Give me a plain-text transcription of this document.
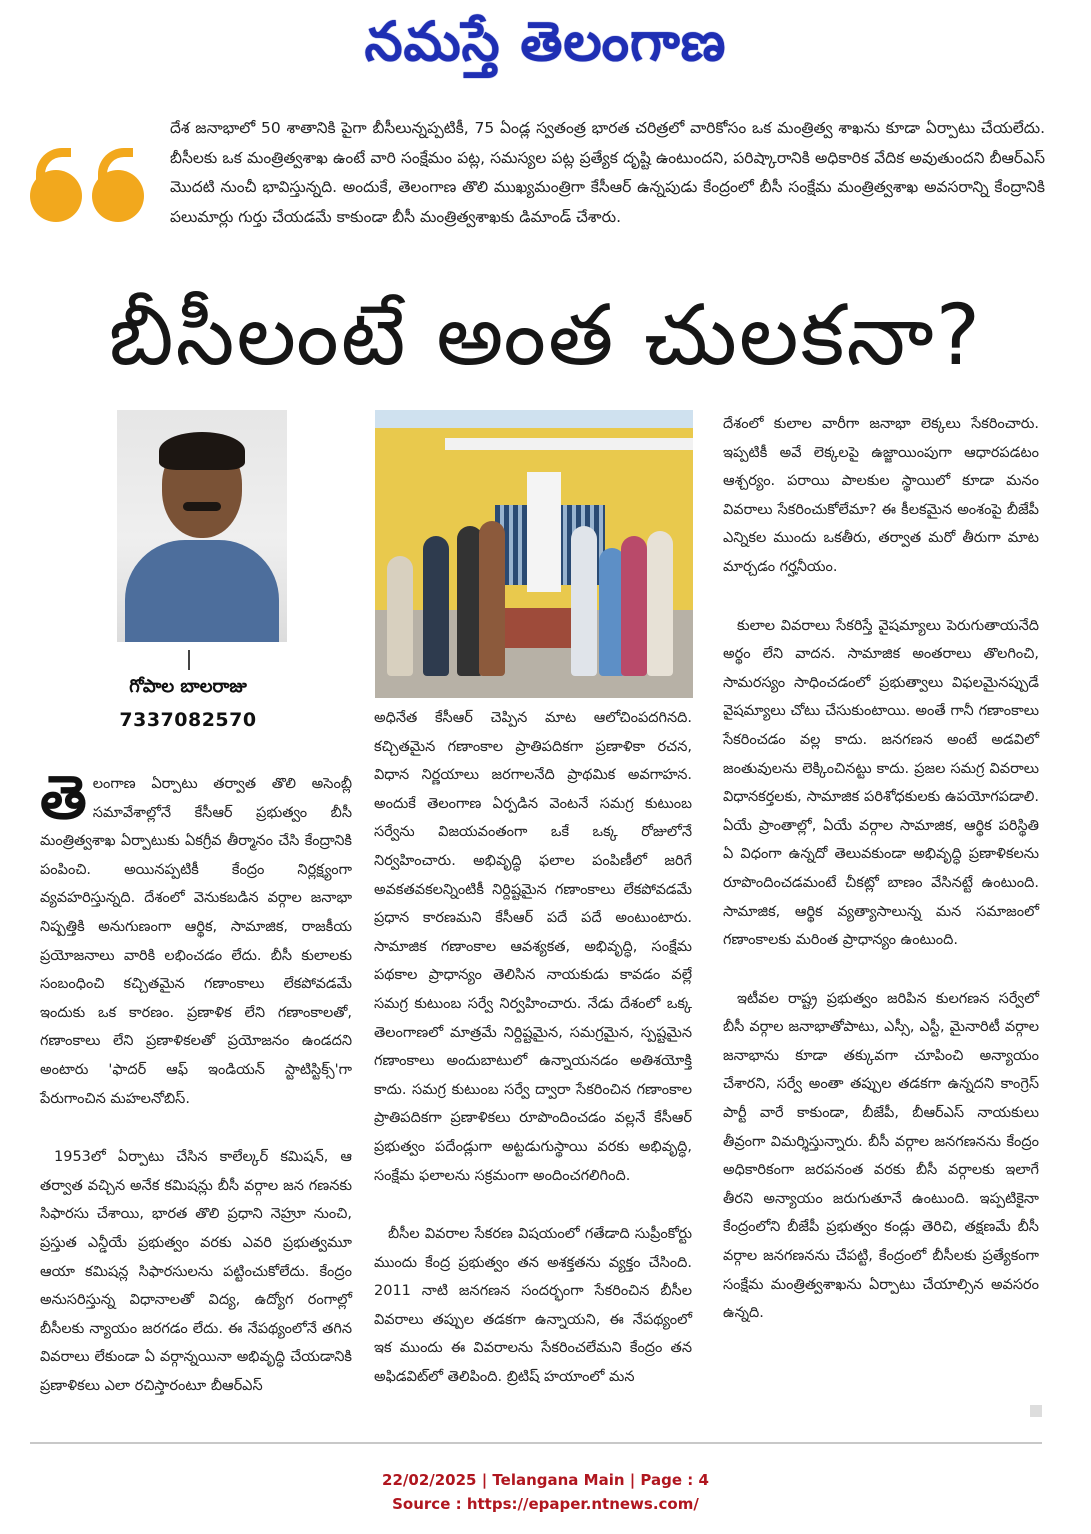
నమస్తే తెలంగాణ
దేశ జనాభాలో 50 శాతానికి పైగా బీసీలున్నప్పటికీ, 75 ఏండ్ల స్వతంత్ర భారత చరిత్రలో వారికోసం ఒక మంత్రిత్వ శాఖను కూడా ఏర్పాటు చేయలేదు. బీసీలకు ఒక మంత్రిత్వశాఖ ఉంటే వారి సంక్షేమం పట్ల, సమస్యల పట్ల ప్రత్యేక దృష్టి ఉంటుందని, పరిష్కారానికి అధికారిక వేదిక అవుతుందని బీఆర్ఎస్ మొదటి నుంచీ భావిస్తున్నది. అందుకే, తెలంగాణ తొలి ముఖ్యమంత్రిగా కేసీఆర్ ఉన్నపుడు కేంద్రంలో బీసీ సంక్షేమ మంత్రిత్వశాఖ అవసరాన్ని కేంద్రానికి పలుమార్లు గుర్తు చేయడమే కాకుండా బీసీ మంత్రిత్వశాఖకు డిమాండ్ చేశారు.
బీసీలంటే అంత చులకనా?
గోపాల బాలరాజు
7337082570
తె లంగాణ ఏర్పాటు తర్వాత తొలి అసెంబ్లీ సమావేశాల్లోనే కేసీఆర్ ప్రభుత్వం బీసీ మంత్రిత్వశాఖ ఏర్పాటుకు ఏకగ్రీవ తీర్మానం చేసి కేంద్రానికి పంపించి. అయినప్పటికీ కేంద్రం నిర్లక్ష్యంగా వ్యవహరిస్తున్నది. దేశంలో వెనుకబడిన వర్గాల జనాభా నిష్పత్తికి అనుగుణంగా ఆర్థిక, సామాజిక, రాజకీయ ప్రయోజనాలు వారికి లభించడం లేదు. బీసీ కులాలకు సంబంధించి కచ్చితమైన గణాంకాలు లేకపోవడమే ఇందుకు ఒక కారణం. ప్రణాళిక లేని గణాంకాలతో, గణాంకాలు లేని ప్రణాళికలతో ప్రయోజనం ఉండదని అంటారు 'ఫాదర్ ఆఫ్ ఇండియన్ స్టాటిస్టిక్స్'గా పేరుగాంచిన మహలనోబిస్.

1953లో ఏర్పాటు చేసిన కాలేల్కర్ కమిషన్, ఆ తర్వాత వచ్చిన అనేక కమిషన్లు బీసీ వర్గాల జన గణనకు సిఫారసు చేశాయి, భారత తొలి ప్రధాని నెహ్రూ నుంచి, ప్రస్తుత ఎన్డీయే ప్రభుత్వం వరకు ఎవరి ప్రభుత్వమూ ఆయా కమిషన్ల సిఫారసులను పట్టించుకోలేదు. కేంద్రం అనుసరిస్తున్న విధానాలతో విద్య, ఉద్యోగ రంగాల్లో బీసీలకు న్యాయం జరగడం లేదు. ఈ నేపథ్యంలోనే తగిన వివరాలు లేకుండా ఏ వర్గాన్నయినా అభివృద్ధి చేయడానికి ప్రణాళికలు ఎలా రచిస్తారంటూ బీఆర్ఎస్

అధినేత కేసీఆర్ చెప్పిన మాట ఆలోచింపదగినది. కచ్చితమైన గణాంకాల ప్రాతిపదికగా ప్రణాళికా రచన, విధాన నిర్ణయాలు జరగాలనేది ప్రాథమిక అవగాహన. అందుకే తెలంగాణ ఏర్పడిన వెంటనే సమగ్ర కుటుంబ సర్వేను విజయవంతంగా ఒకే ఒక్క రోజులోనే నిర్వహించారు. అభివృద్ధి ఫలాల పంపిణీలో జరిగే అవకతవకలన్నింటికీ నిర్దిష్టమైన గణాంకాలు లేకపోవడమే ప్రధాన కారణమని కేసీఆర్ పదే పదే అంటుంటారు. సామాజిక గణాంకాల ఆవశ్యకత, అభివృద్ధి, సంక్షేమ పథకాల ప్రాధాన్యం తెలిసిన నాయకుడు కావడం వల్లే సమగ్ర కుటుంబ సర్వే నిర్వహించారు. నేడు దేశంలో ఒక్క తెలంగాణలో మాత్రమే నిర్దిష్టమైన, సమగ్రమైన, స్పష్టమైన గణాంకాలు అందుబాటులో ఉన్నాయనడం అతిశయోక్తి కాదు. సమగ్ర కుటుంబ సర్వే ద్వారా సేకరించిన గణాంకాల ప్రాతిపదికగా ప్రణాళికలు రూపొందించడం వల్లనే కేసీఆర్ ప్రభుత్వం పదేండ్లుగా అట్టడుగుస్థాయి వరకు అభివృద్ధి, సంక్షేమ ఫలాలను సక్రమంగా అందించగలిగింది.

బీసీల వివరాల సేకరణ విషయంలో గతేడాది సుప్రీంకోర్టు ముందు కేంద్ర ప్రభుత్వం తన అశక్తతను వ్యక్తం చేసింది. 2011 నాటి జనగణన సందర్భంగా సేకరించిన బీసీల వివరాలు తప్పుల తడకగా ఉన్నాయని, ఈ నేపథ్యంలో ఇక ముందు ఈ వివరాలను సేకరించలేమని కేంద్రం తన అఫిడవిట్‌లో తెలిపింది. బ్రిటిష్ హయాంలో మన

దేశంలో కులాల వారీగా జనాభా లెక్కలు సేకరించారు. ఇప్పటికీ అవే లెక్కలపై ఉజ్జాయింపుగా ఆధారపడటం ఆశ్చర్యం. పరాయి పాలకుల స్థాయిలో కూడా మనం వివరాలు సేకరించుకోలేమా? ఈ కీలకమైన అంశంపై బీజేపీ ఎన్నికల ముందు ఒకతీరు, తర్వాత మరో తీరుగా మాట మార్చడం గర్హనీయం.

కులాల వివరాలు సేకరిస్తే వైషమ్యాలు పెరుగుతాయనేది అర్థం లేని వాదన. సామాజిక అంతరాలు తొలగించి, సామరస్యం సాధించడంలో ప్రభుత్వాలు విఫలమైనప్పుడే వైషమ్యాలు చోటు చేసుకుంటాయి. అంతే గానీ గణాంకాలు సేకరించడం వల్ల కాదు. జనగణన అంటే అడవిలో జంతువులను లెక్కించినట్టు కాదు. ప్రజల సమగ్ర వివరాలు విధానకర్తలకు, సామాజిక పరిశోధకులకు ఉపయోగపడాలి. ఏయే ప్రాంతాల్లో, ఏయే వర్గాల సామాజిక, ఆర్థిక పరిస్థితి ఏ విధంగా ఉన్నదో తెలువకుండా అభివృద్ధి ప్రణాళికలను రూపొందించడమంటే చీకట్లో బాణం వేసినట్టే ఉంటుంది. సామాజిక, ఆర్థిక వ్యత్యాసాలున్న మన సమాజంలో గణాంకాలకు మరింత ప్రాధాన్యం ఉంటుంది.

ఇటీవల రాష్ట్ర ప్రభుత్వం జరిపిన కులగణన సర్వేలో బీసీ వర్గాల జనాభాతోపాటు, ఎస్సీ, ఎస్టీ, మైనారిటీ వర్గాల జనాభాను కూడా తక్కువగా చూపించి అన్యాయం చేశారని, సర్వే అంతా తప్పుల తడకగా ఉన్నదని కాంగ్రెస్ పార్టీ వారే కాకుండా, బీజేపీ, బీఆర్ఎస్ నాయకులు తీవ్రంగా విమర్శిస్తున్నారు. బీసీ వర్గాల జనగణనను కేంద్రం అధికారికంగా జరపనంత వరకు బీసీ వర్గాలకు ఇలాగే తీరని అన్యాయం జరుగుతూనే ఉంటుంది. ఇప్పటికైనా కేంద్రంలోని బీజేపీ ప్రభుత్వం కండ్లు తెరిచి, తక్షణమే బీసీ వర్గాల జనగణనను చేపట్టి, కేంద్రంలో బీసీలకు ప్రత్యేకంగా సంక్షేమ మంత్రిత్వశాఖను ఏర్పాటు చేయాల్సిన అవసరం ఉన్నది.

22/02/2025 | Telangana Main | Page : 4
Source : https://epaper.ntnews.com/
